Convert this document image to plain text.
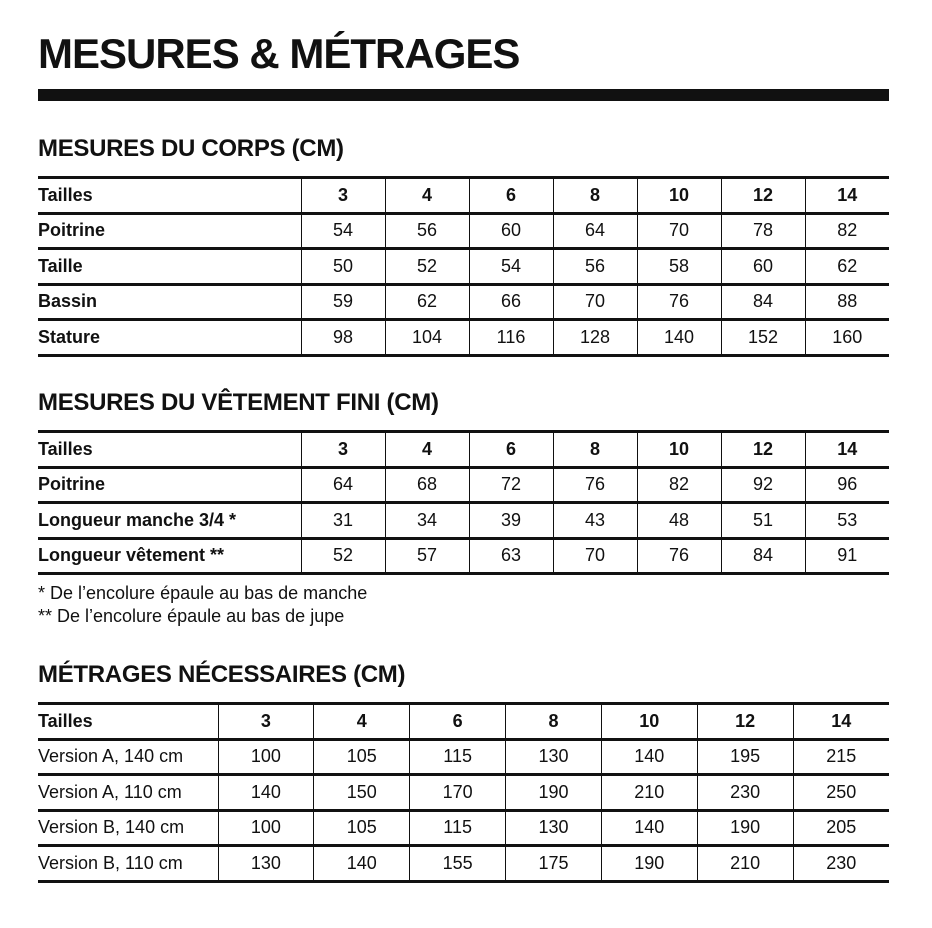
MESURES & MÉTRAGES
MESURES DU CORPS (CM)
Tailles	3	4	6	8	10	12	14
Poitrine	54	56	60	64	70	78	82
Taille	50	52	54	56	58	60	62
Bassin	59	62	66	70	76	84	88
Stature	98	104	116	128	140	152	160
MESURES DU VÊTEMENT FINI (CM)
Tailles	3	4	6	8	10	12	14
Poitrine	64	68	72	76	82	92	96
Longueur manche 3/4 *	31	34	39	43	48	51	53
Longueur vêtement **	52	57	63	70	76	84	91
* De l’encolure épaule au bas de manche
** De l’encolure épaule au bas de jupe
MÉTRAGES NÉCESSAIRES (CM)
Tailles	3	4	6	8	10	12	14
Version A, 140 cm	100	105	115	130	140	195	215
Version A, 110 cm	140	150	170	190	210	230	250
Version B, 140 cm	100	105	115	130	140	190	205
Version B, 110 cm	130	140	155	175	190	210	230
